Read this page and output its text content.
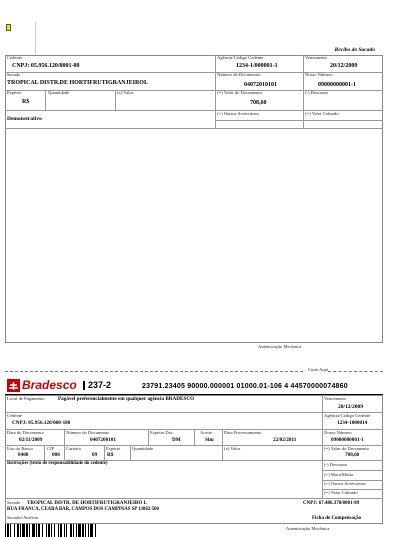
Recibo do Sacado
Cedente
CNPJ: 05.956.120/0001-80
Agência/Código Cedente
1234-1/000001-1
Vencimento
20/12/2009
Sacado
TROPICAL DISTR.DE HORTIFRUTIGRANJEIROL
Número do Documento
04072010101
Nosso Número
09000000001-1
Espécie
R$
Quantidade	(x) Valor	(=) Valor do Documento
708,60
(-) Desconto
(+) Outros Acréscimos	(=) Valor Cobrado
Demonstrativo
Autenticação Mecânica
Corte Aqui
Bradesco	237-2	23791.23405 90000.000001 01000.01-106 4 44570000074860
Local de Pagamento	Pagável preferencialmente em qualquer agência BRADESCO	Vencimento
20/12/2009
Cedente
CNPJ: 05.956.120/000-180
Agência/Código Cedente
1234-1000014
Data do Documento
02/11/2009
Número do Documento
0407200101
Espécie Doc.
DM
Aceite
Sim
Data Processamento
22/02/2011
Nosso Número
09000000001-1
Uso do Banco
8400
CIP
000
Carteira
09
Espécie
R$
Quantidade	(x) Valor	(=) Valor do Documento
708,60
Instruções (texto de responsabilidade do cedente)	(-) Desconto
(+) Mora/Multa
(+) Outros Acréscimos
(=) Valor Cobrado
Sacado TROPICAL DISTR. DE HORTIFRUTIGRANJEIRO L	CNPJ: 67.486.378/0001-89
RUA FRANCA, CEARA BAR, CAMPOS DOS CAMPINAS SP 13082-500
Sacador/Avalista	Ficha de Compensação
Autenticação Mecânica
